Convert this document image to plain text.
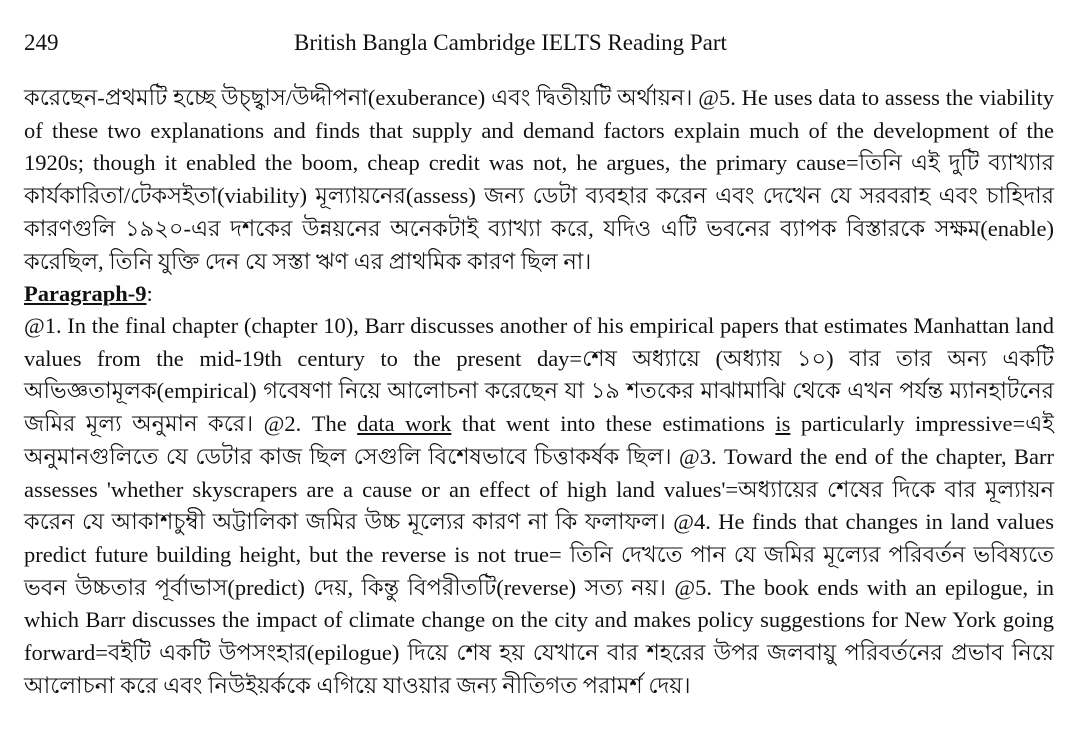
249	British Bangla Cambridge IELTS Reading Part
করেছেন-প্রথমটি হচ্ছে উচ্ছ্বাস/উদ্দীপনা(exuberance) এবং দ্বিতীয়টি অর্থায়ন। @5. He uses data to assess the viability of these two explanations and finds that supply and demand factors explain much of the development of the 1920s; though it enabled the boom, cheap credit was not, he argues, the primary cause=তিনি এই দুটি ব্যাখ্যার কার্যকারিতা/টেকসইতা(viability) মূল্যায়নের(assess) জন্য ডেটা ব্যবহার করেন এবং দেখেন যে সরবরাহ এবং চাহিদার কারণগুলি ১৯২০-এর দশকের উন্নয়নের অনেকটাই ব্যাখ্যা করে, যদিও এটি ভবনের ব্যাপক বিস্তারকে সক্ষম(enable) করেছিল, তিনি যুক্তি দেন যে সস্তা ঋণ এর প্রাথমিক কারণ ছিল না।
Paragraph-9:
@1. In the final chapter (chapter 10), Barr discusses another of his empirical papers that estimates Manhattan land values from the mid-19th century to the present day=শেষ অধ্যায়ে (অধ্যায় ১০) বার তার অন্য একটি অভিজ্ঞতামূলক(empirical) গবেষণা নিয়ে আলোচনা করেছেন যা ১৯ শতকের মাঝামাঝি থেকে এখন পর্যন্ত ম্যানহাটনের জমির মূল্য অনুমান করে। @2. The data work that went into these estimations is particularly impressive=এই অনুমানগুলিতে যে ডেটার কাজ ছিল সেগুলি বিশেষভাবে চিত্তাকর্ষক ছিল। @3. Toward the end of the chapter, Barr assesses 'whether skyscrapers are a cause or an effect of high land values'=অধ্যায়ের শেষের দিকে বার মূল্যায়ন করেন যে আকাশচুম্বী অট্টালিকা জমির উচ্চ মূল্যের কারণ না কি ফলাফল। @4. He finds that changes in land values predict future building height, but the reverse is not true= তিনি দেখতে পান যে জমির মূল্যের পরিবর্তন ভবিষ্যতে ভবন উচ্চতার পূর্বাভাস(predict) দেয়, কিন্তু বিপরীতটি(reverse) সত্য নয়। @5. The book ends with an epilogue, in which Barr discusses the impact of climate change on the city and makes policy suggestions for New York going forward=বইটি একটি উপসংহার(epilogue) দিয়ে শেষ হয় যেখানে বার শহরের উপর জলবায়ু পরিবর্তনের প্রভাব নিয়ে আলোচনা করে এবং নিউইয়র্ককে এগিয়ে যাওয়ার জন্য নীতিগত পরামর্শ দেয়।
